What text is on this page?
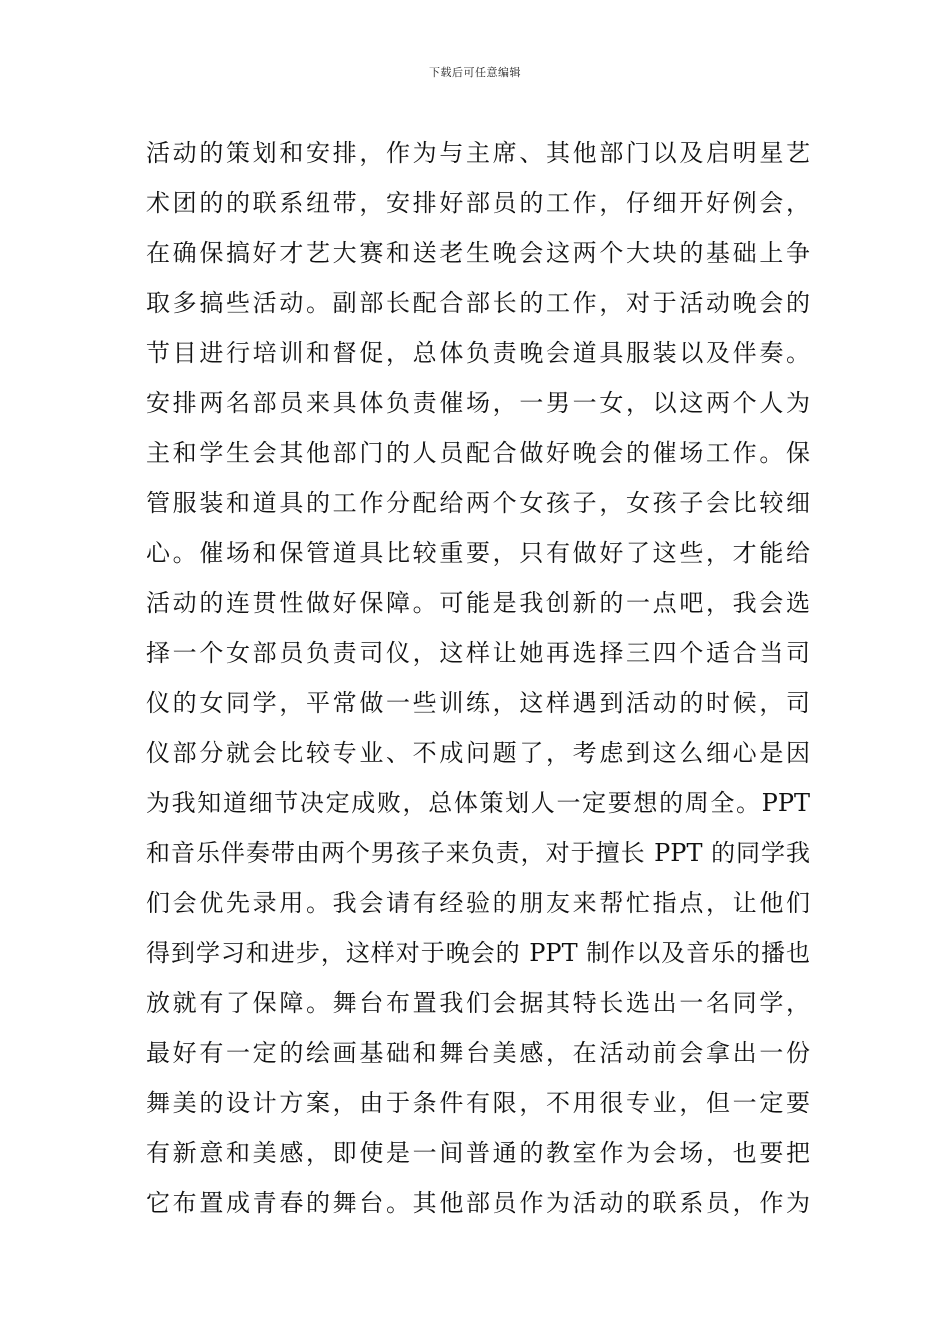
下载后可任意编辑
活动的策划和安排，作为与主席、其他部门以及启明星艺
术团的的联系纽带，安排好部员的工作，仔细开好例会，
在确保搞好才艺大赛和送老生晚会这两个大块的基础上争
取多搞些活动。副部长配合部长的工作，对于活动晚会的
节目进行培训和督促，总体负责晚会道具服装以及伴奏。
安排两名部员来具体负责催场，一男一女，以这两个人为
主和学生会其他部门的人员配合做好晚会的催场工作。保
管服装和道具的工作分配给两个女孩子，女孩子会比较细
心。催场和保管道具比较重要，只有做好了这些，才能给
活动的连贯性做好保障。可能是我创新的一点吧，我会选
择一个女部员负责司仪，这样让她再选择三四个适合当司
仪的女同学，平常做一些训练，这样遇到活动的时候，司
仪部分就会比较专业、不成问题了，考虑到这么细心是因
为我知道细节决定成败，总体策划人一定要想的周全。PPT
和音乐伴奏带由两个男孩子来负责，对于擅长 PPT 的同学我
们会优先录用。我会请有经验的朋友来帮忙指点，让他们
得到学习和进步，这样对于晚会的 PPT 制作以及音乐的播也
放就有了保障。舞台布置我们会据其特长选出一名同学，
最好有一定的绘画基础和舞台美感，在活动前会拿出一份
舞美的设计方案，由于条件有限，不用很专业，但一定要
有新意和美感，即使是一间普通的教室作为会场，也要把
它布置成青春的舞台。其他部员作为活动的联系员，作为
